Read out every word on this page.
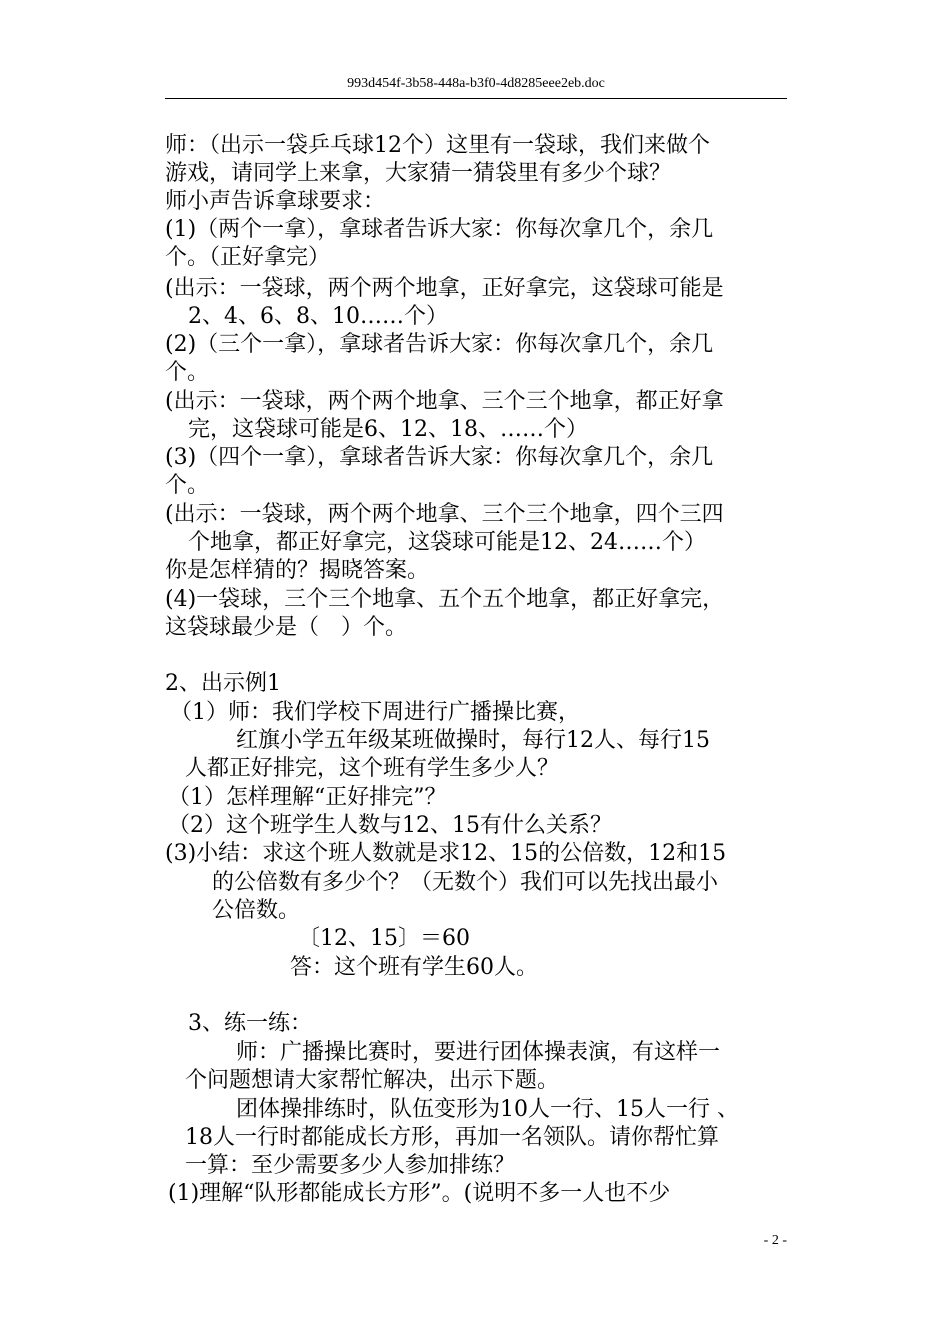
993d454f-3b58-448a-b3f0-4d8285eee2eb.doc
师：（出示一袋乒乓球12个）这里有一袋球，我们来做个
游戏，请同学上来拿，大家猜一猜袋里有多少个球？
师小声告诉拿球要求：
(1)（两个一拿），拿球者告诉大家：你每次拿几个，余几
个。（正好拿完）
(出示：一袋球，两个两个地拿，正好拿完，这袋球可能是
2、4、6、8、10……个）
(2)（三个一拿），拿球者告诉大家：你每次拿几个，余几
个。
(出示：一袋球，两个两个地拿、三个三个地拿，都正好拿
完，这袋球可能是6、12、18、……个）
(3)（四个一拿），拿球者告诉大家：你每次拿几个，余几
个。
(出示：一袋球，两个两个地拿、三个三个地拿，四个三四
个地拿，都正好拿完，这袋球可能是12、24……个）
你是怎样猜的？揭晓答案。
(4)一袋球，三个三个地拿、五个五个地拿，都正好拿完，
这袋球最少是（　）个。
2、出示例1
（1）师：我们学校下周进行广播操比赛，
红旗小学五年级某班做操时，每行12人、每行15
人都正好排完，这个班有学生多少人？
（1）怎样理解“正好排完”？
（2）这个班学生人数与12、15有什么关系？
(3)小结：求这个班人数就是求12、15的公倍数，12和15
的公倍数有多少个？（无数个）我们可以先找出最小
公倍数。
〔12、15〕＝60
答：这个班有学生60人。
3、练一练：
师：广播操比赛时，要进行团体操表演，有这样一
个问题想请大家帮忙解决，出示下题。
团体操排练时，队伍变形为10人一行、15人一行 、
18人一行时都能成长方形，再加一名领队。请你帮忙算
一算：至少需要多少人参加排练？
(1)理解“队形都能成长方形”。(说明不多一人也不少
- 2 -
